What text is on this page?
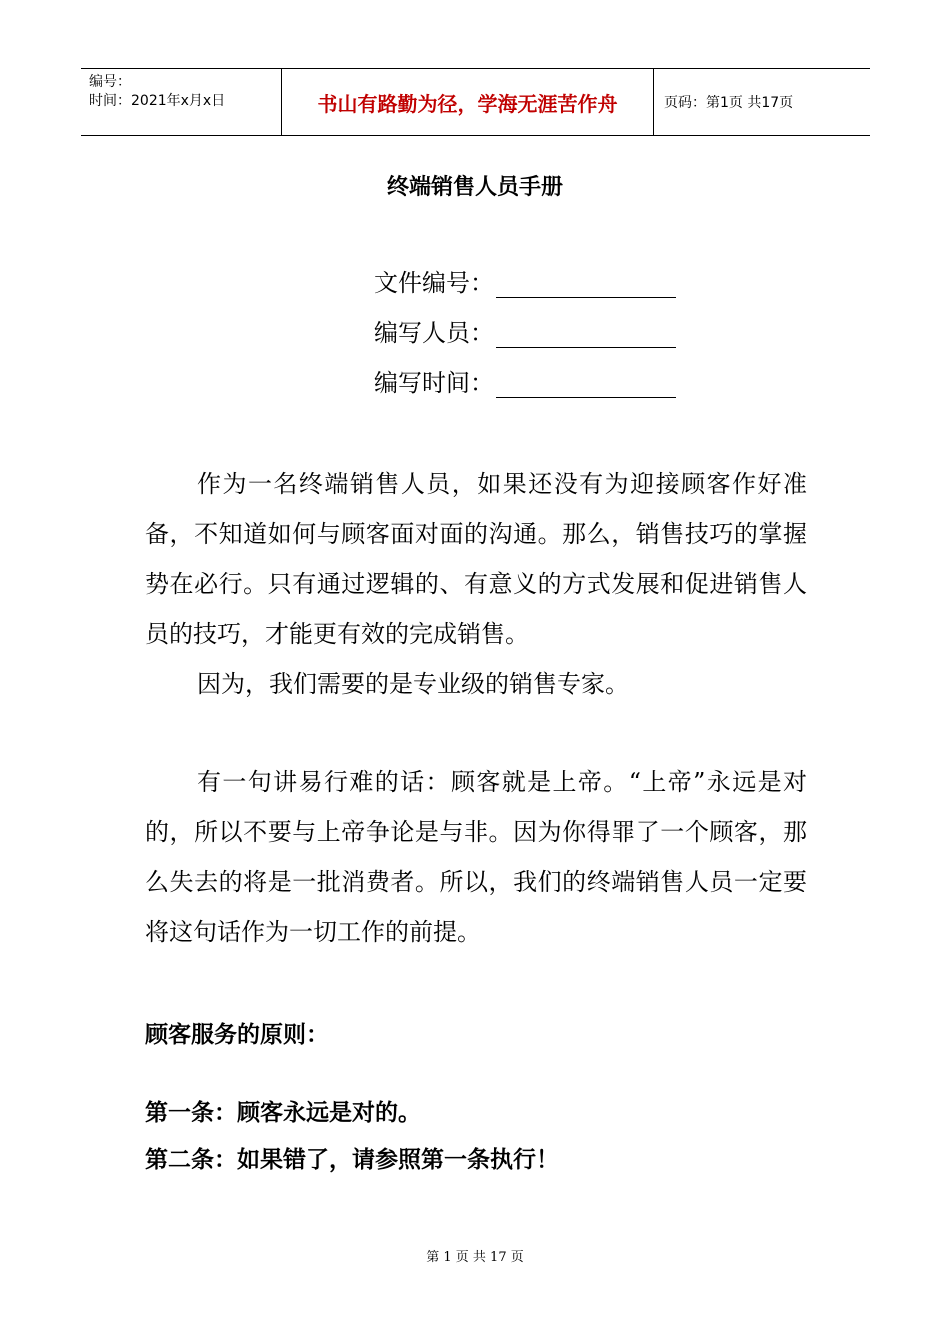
编号：
时间：2021年x月x日	书山有路勤为径，学海无涯苦作舟	页码：第1页 共17页
终端销售人员手册
文件编号：
编写人员：
编写时间：

作为一名终端销售人员，如果还没有为迎接顾客作好准备，不知道如何与顾客面对面的沟通。那么，销售技巧的掌握势在必行。只有通过逻辑的、有意义的方式发展和促进销售人员的技巧，才能更有效的完成销售。

因为，我们需要的是专业级的销售专家。

有一句讲易行难的话：顾客就是上帝。“上帝”永远是对的，所以不要与上帝争论是与非。因为你得罪了一个顾客，那么失去的将是一批消费者。所以，我们的终端销售人员一定要将这句话作为一切工作的前提。

顾客服务的原则：
第一条：顾客永远是对的。
第二条：如果错了，请参照第一条执行！
第 1 页 共 17 页
